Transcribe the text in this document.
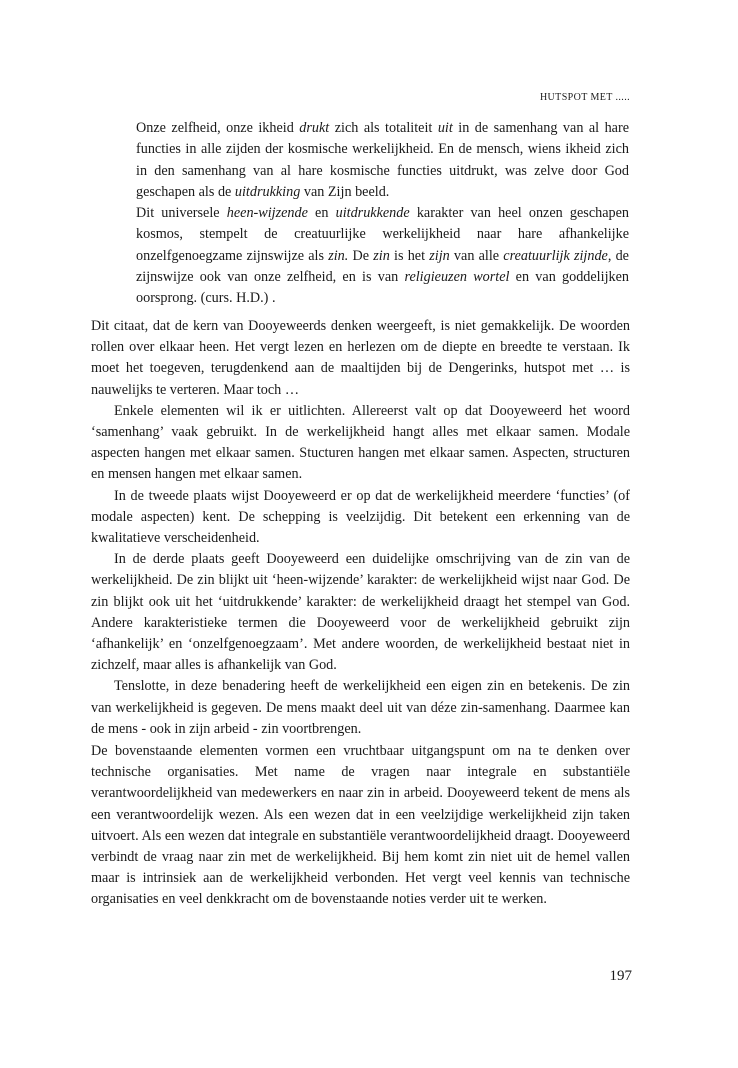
HUTSPOT MET .....

Onze zelfheid, onze ikheid drukt zich als totaliteit uit in de samenhang van al hare functies in alle zijden der kosmische werkelijkheid. En de mensch, wiens ikheid zich in den samenhang van al hare kosmische functies uitdrukt, was zelve door God geschapen als de uitdrukking van Zijn beeld.

Dit universele heen-wijzende en uitdrukkende karakter van heel onzen geschapen kosmos, stempelt de creatuurlijke werkelijkheid naar hare afhankelijke onzelfgenoegzame zijnswijze als zin. De zin is het zijn van alle creatuurlijk zijnde, de zijnswijze ook van onze zelfheid, en is van religieuzen wortel en van goddelijken oorsprong. (curs. H.D.) .

Dit citaat, dat de kern van Dooyeweerds denken weergeeft, is niet gemakkelijk. De woorden rollen over elkaar heen. Het vergt lezen en herlezen om de diepte en breedte te verstaan. Ik moet het toegeven, terugdenkend aan de maaltijden bij de Dengerinks, hutspot met … is nauwelijks te verteren. Maar toch …

Enkele elementen wil ik er uitlichten. Allereerst valt op dat Dooyeweerd het woord ‘samenhang’ vaak gebruikt. In de werkelijkheid hangt alles met elkaar samen. Modale aspecten hangen met elkaar samen. Stucturen hangen met elkaar samen. Aspecten, structuren en mensen hangen met elkaar samen.

In de tweede plaats wijst Dooyeweerd er op dat de werkelijkheid meerdere ‘functies’ (of modale aspecten) kent. De schepping is veelzijdig. Dit betekent een erkenning van de kwalitatieve verscheidenheid.

In de derde plaats geeft Dooyeweerd een duidelijke omschrijving van de zin van de werkelijkheid. De zin blijkt uit ‘heen-wijzende’ karakter: de werkelijkheid wijst naar God. De zin blijkt ook uit het ‘uitdrukkende’ karakter: de werkelijkheid draagt het stempel van God. Andere karakteristieke termen die Dooyeweerd voor de werkelijkheid gebruikt zijn ‘afhankelijk’ en ‘onzelfgenoegzaam’. Met andere woorden, de werkelijkheid bestaat niet in zichzelf, maar alles is afhankelijk van God.

Tenslotte, in deze benadering heeft de werkelijkheid een eigen zin en betekenis. De zin van werkelijkheid is gegeven. De mens maakt deel uit van déze zin-samenhang. Daarmee kan de mens - ook in zijn arbeid - zin voortbrengen.

De bovenstaande elementen vormen een vruchtbaar uitgangspunt om na te denken over technische organisaties. Met name de vragen naar integrale en substantiële verantwoordelijkheid van medewerkers en naar zin in arbeid. Dooyeweerd tekent de mens als een verantwoordelijk wezen. Als een wezen dat in een veelzijdige werkelijkheid zijn taken uitvoert. Als een wezen dat integrale en substantiële verantwoordelijkheid draagt. Dooyeweerd verbindt de vraag naar zin met de werkelijkheid. Bij hem komt zin niet uit de hemel vallen maar is intrinsiek aan de werkelijkheid verbonden. Het vergt veel kennis van technische organisaties en veel denkkracht om de bovenstaande noties verder uit te werken.

197
